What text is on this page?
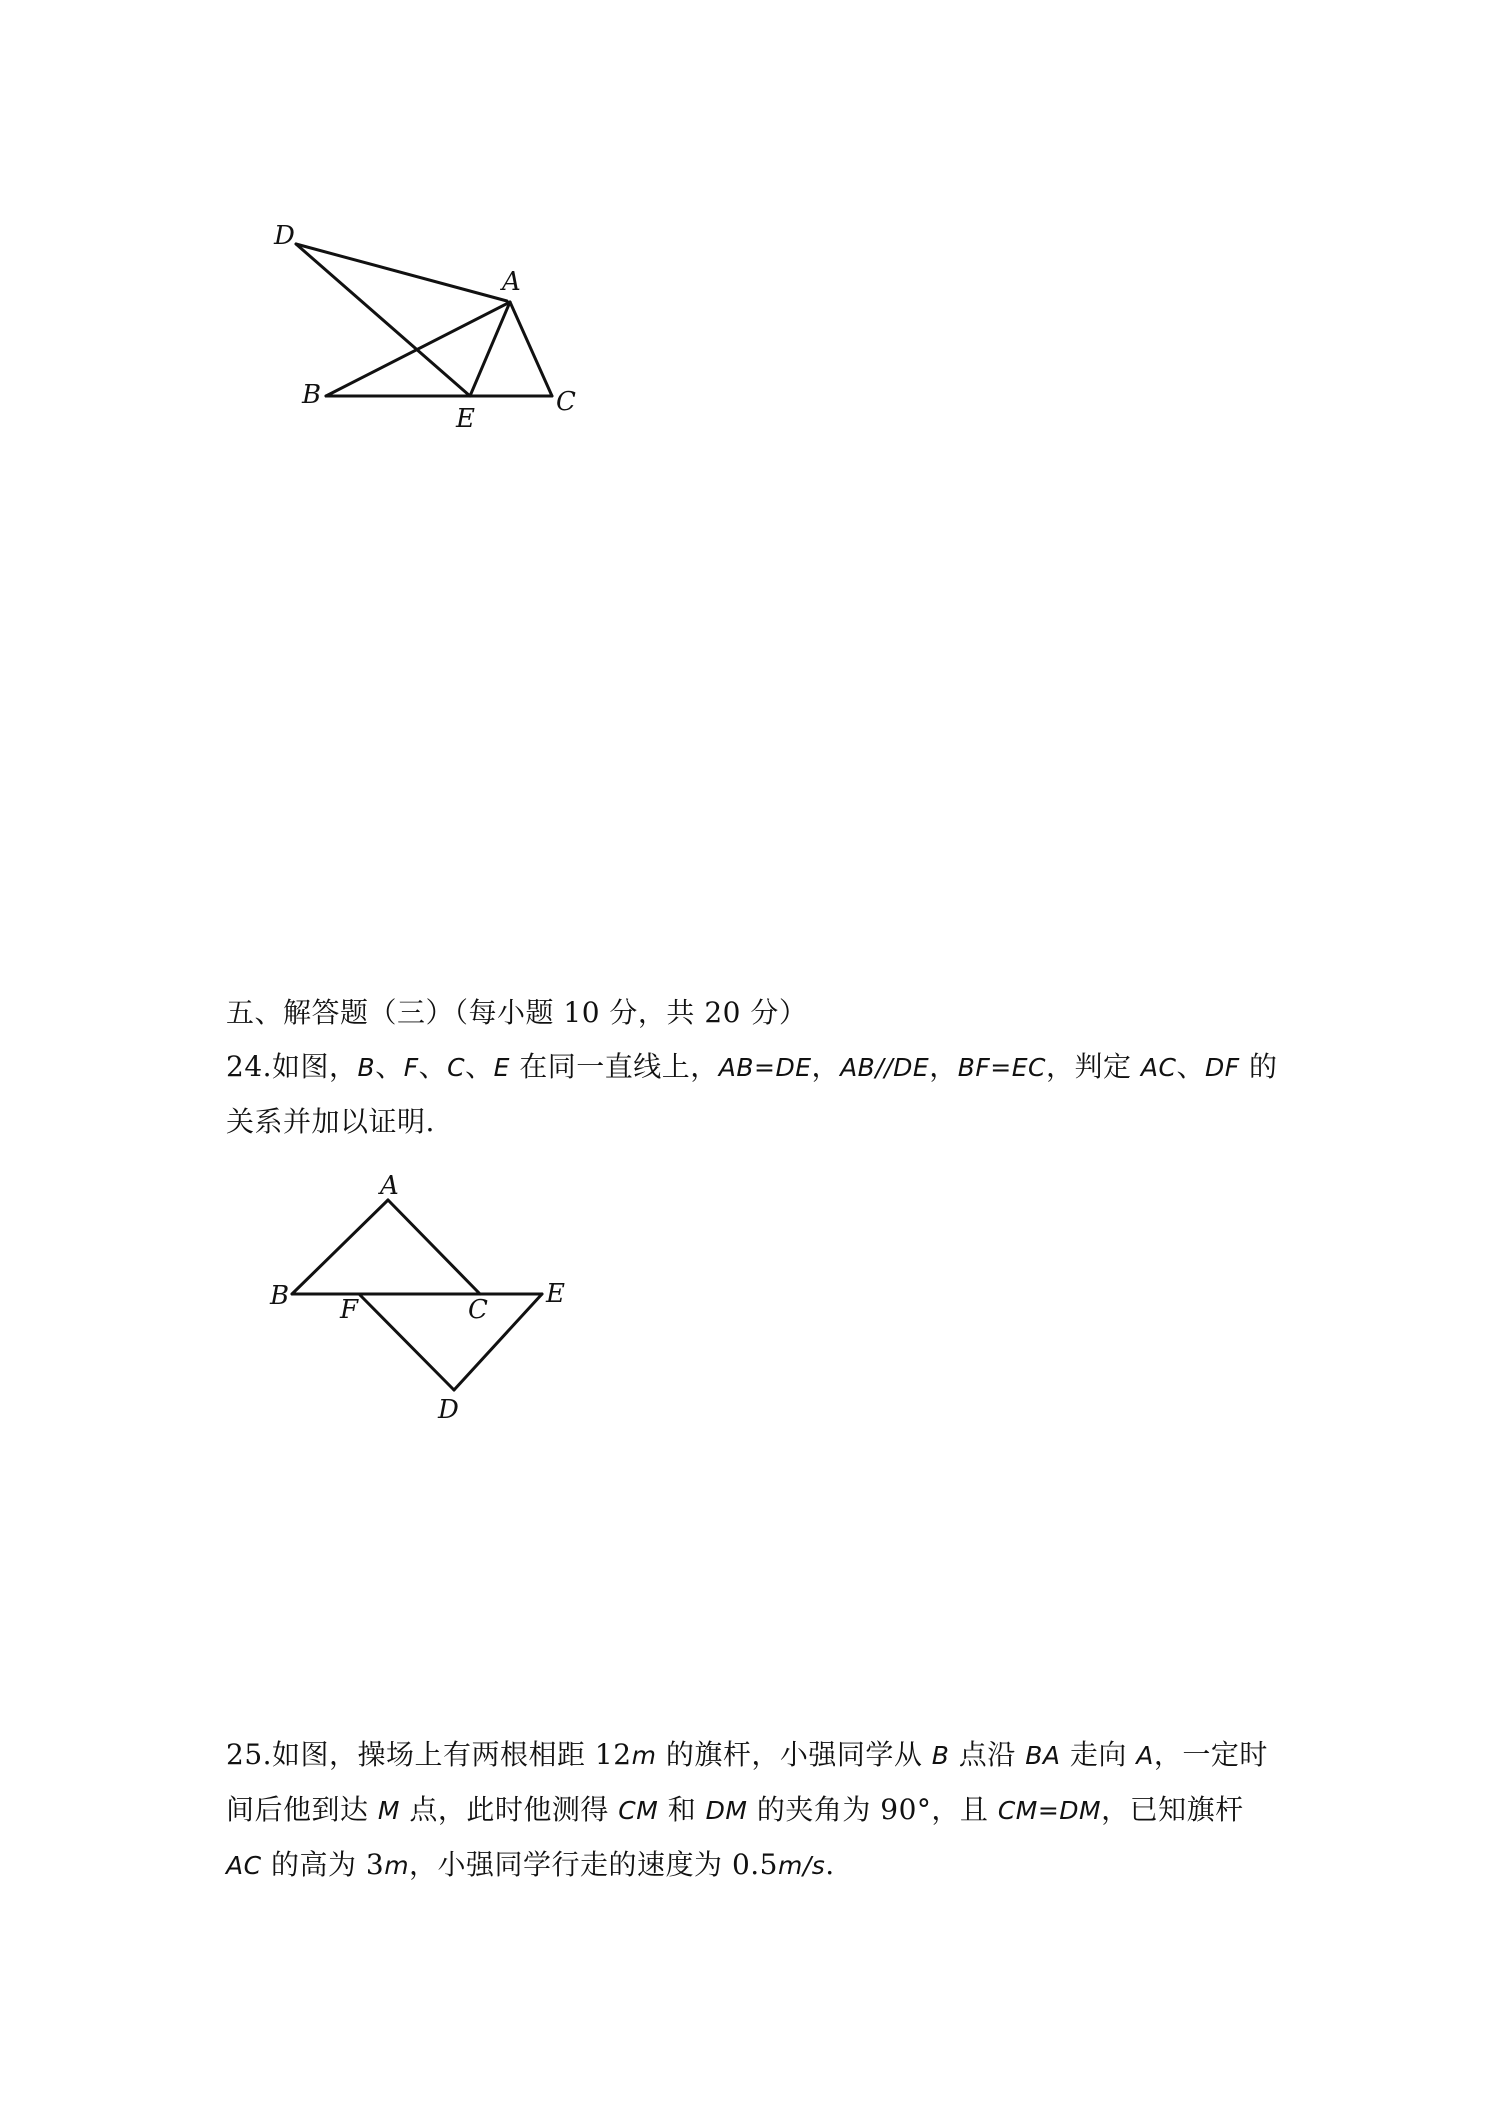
D
A
B
E
C
五、解答题（三）（每小题 10 分，共 20 分）
24.如图，B、F、C、E 在同一直线上，AB=DE，AB//DE，BF=EC，判定 AC、DF 的
关系并加以证明.
A
B F	C
E
D
25.如图，操场上有两根相距 12m 的旗杆，小强同学从 B 点沿 BA 走向 A，一定时
间后他到达 M 点，此时他测得 CM 和 DM 的夹角为 90°，且 CM=DM，已知旗杆
AC 的高为 3m，小强同学行走的速度为 0.5m/s.
